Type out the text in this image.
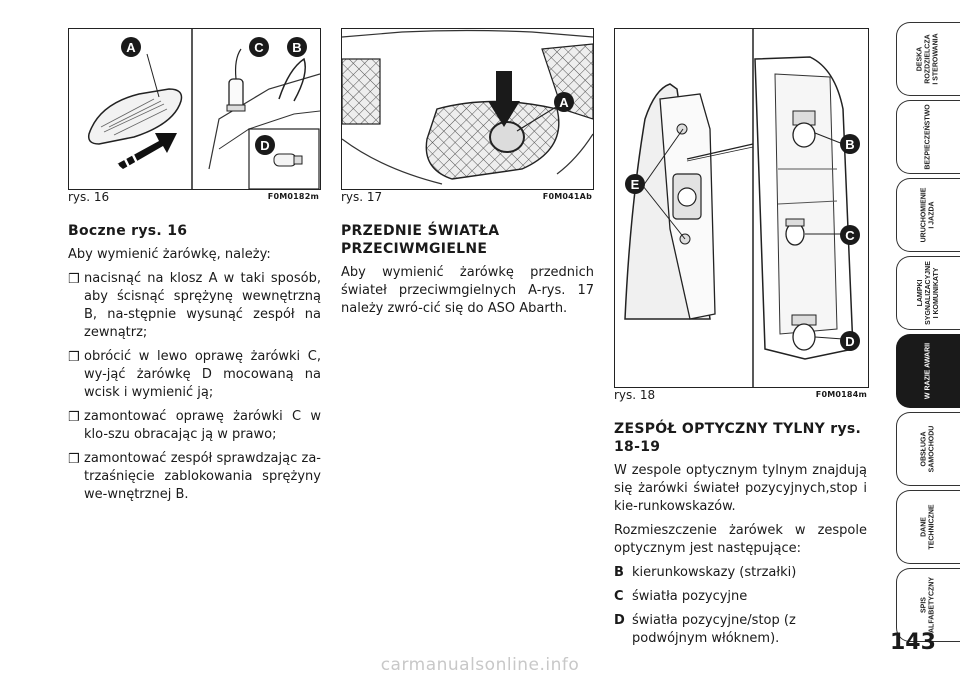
A	C B
D
rys. 16	F0M0182m
A
rys. 17	F0M041Ab
B
E
C
D
rys. 18	F0M0184m
Boczne rys. 16

Aby wymienić żarówkę, należy:

❒ nacisnąć na klosz A w taki sposób, aby ścisnąć sprężynę wewnętrzną B, na-stępnie wysunąć zespół na zewnątrz;
❒ obrócić w lewo oprawę żarówki C, wy-jąć żarówkę D mocowaną na wcisk i wymienić ją;
❒ zamontować oprawę żarówki C w klo-szu obracając ją w prawo;
❒ zamontować zespół sprawdzając za-trzaśnięcie zablokowania sprężyny we-wnętrznej B.
PRZEDNIE ŚWIATŁA PRZECIWMGIELNE

Aby wymienić żarówkę przednich świateł przeciwmgielnych A-rys. 17 należy zwró-cić się do ASO Abarth.

ZESPÓŁ OPTYCZNY TYLNY rys. 18-19

W zespole optycznym tylnym znajdują się żarówki świateł pozycyjnych,stop i kie-runkowskazów.

Rozmieszczenie żarówek w zespole optycznym jest następujące:

B kierunkowskazy (strzałki)
C światła pozycyjne
D światła pozycyjne/stop (z podwójnym włóknem).
DESKA
ROZDZIELCZA
I STEROWANIA
BEZPIECZEŃSTWO
URUCHOMIENIE
I JAZDA
LAMPKI
SYGNALIZACYJNE
I KOMUNIKATY
W RAZIE AWARII
OBSŁUGA
SAMOCHODU
DANE
TECHNICZNE
SPIS
ALFABETYCZNY
143
carmanualsonline.info
